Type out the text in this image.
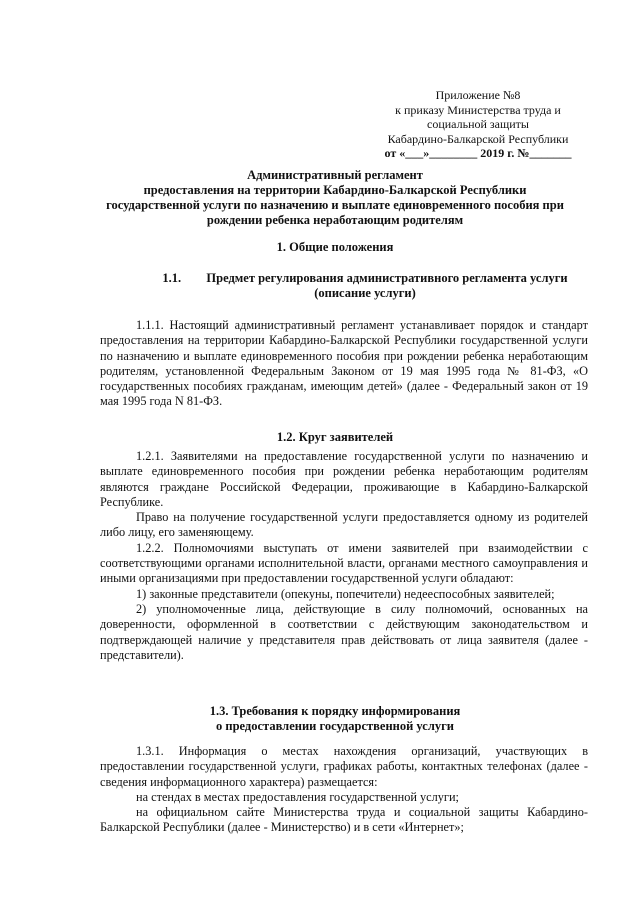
Приложение №8
к приказу Министерства труда и
социальной защиты
Кабардино-Балкарской Республики
от «___»________ 2019 г. №_______
Административный регламент
предоставления на территории Кабардино-Балкарской Республики
государственной услуги по назначению и выплате единовременного пособия при
рождении ребенка неработающим родителям
1. Общие положения
1.1. Предмет регулирования административного регламента услуги
(описание услуги)

1.1.1. Настоящий административный регламент устанавливает порядок и стандарт предоставления на территории Кабардино-Балкарской Республики государственной услуги по назначению и выплате единовременного пособия при рождении ребенка неработающим родителям, установленной Федеральным Законом от 19 мая 1995 года № 81-ФЗ, «О государственных пособиях гражданам, имеющим детей» (далее - Федеральный закон от 19 мая 1995 года N 81-ФЗ.

1.2. Круг заявителей

1.2.1. Заявителями на предоставление государственной услуги по назначению и выплате единовременного пособия при рождении ребенка неработающим родителям являются граждане Российской Федерации, проживающие в Кабардино-Балкарской Республике.

Право на получение государственной услуги предоставляется одному из родителей либо лицу, его заменяющему.

1.2.2. Полномочиями выступать от имени заявителей при взаимодействии с соответствующими органами исполнительной власти, органами местного самоуправления и иными организациями при предоставлении государственной услуги обладают:

1) законные представители (опекуны, попечители) недееспособных заявителей;

2) уполномоченные лица, действующие в силу полномочий, основанных на доверенности, оформленной в соответствии с действующим законодательством и подтверждающей наличие у представителя прав действовать от лица заявителя (далее - представители).

1.3. Требования к порядку информирования
о предоставлении государственной услуги

1.3.1. Информация о местах нахождения организаций, участвующих в предоставлении государственной услуги, графиках работы, контактных телефонах (далее - сведения информационного характера) размещается:

на стендах в местах предоставления государственной услуги;

на официальном сайте Министерства труда и социальной защиты Кабардино-Балкарской Республики (далее - Министерство) и в сети «Интернет»;
